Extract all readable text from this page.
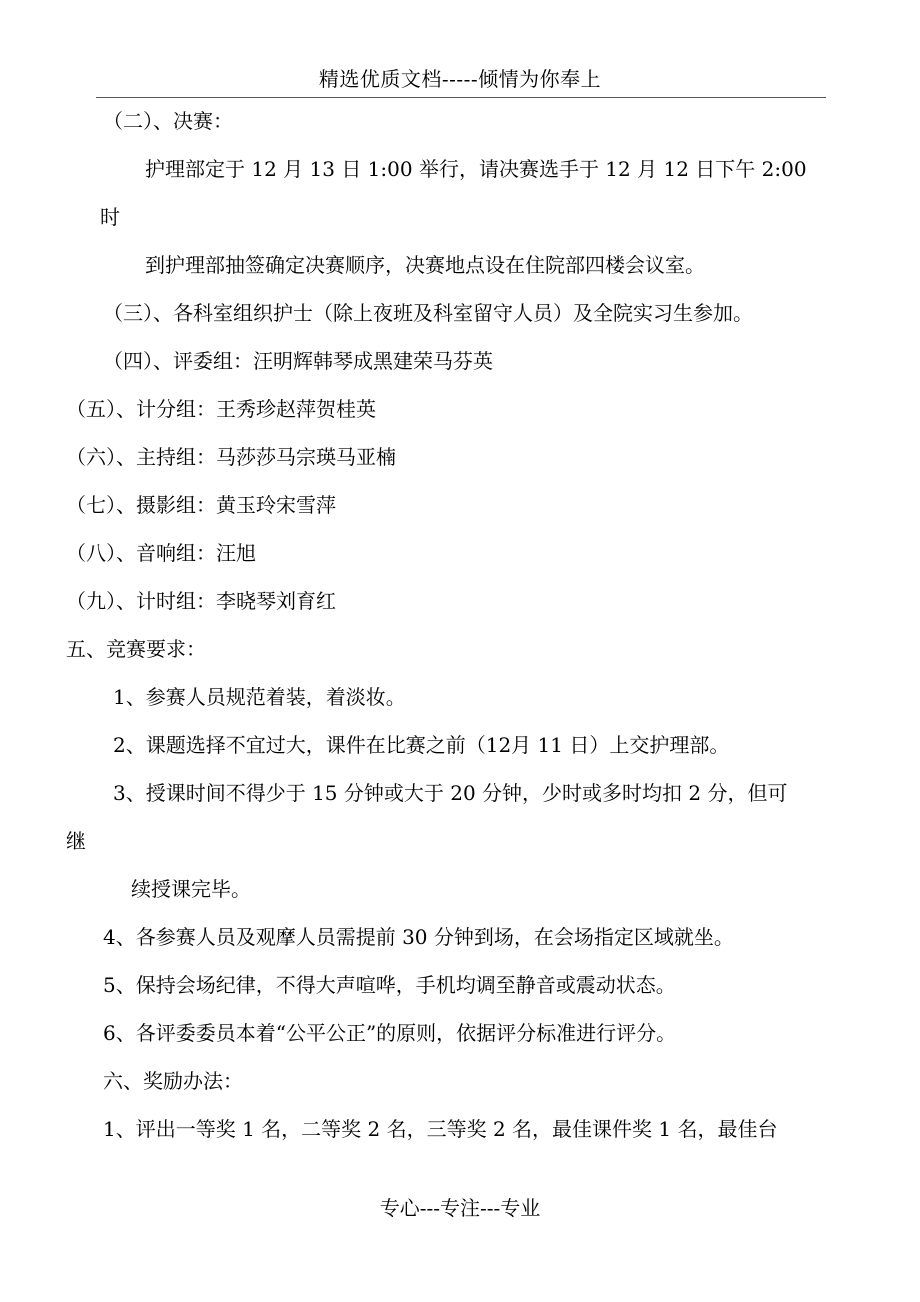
精选优质文档-----倾情为你奉上
（二）、决赛：
护理部定于 12 月 13 日 1:00 举行，请决赛选手于 12 月 12 日下午 2:00
时
到护理部抽签确定决赛顺序，决赛地点设在住院部四楼会议室。
（三）、各科室组织护士（除上夜班及科室留守人员）及全院实习生参加。
（四）、评委组：汪明辉韩琴成黑建荣马芬英
（五）、计分组：王秀珍赵萍贺桂英
（六）、主持组：马莎莎马宗瑛马亚楠
（七）、摄影组：黄玉玲宋雪萍
（八）、音响组：汪旭
（九）、计时组：李晓琴刘育红
五、竞赛要求：
1、参赛人员规范着装，着淡妆。
2、课题选择不宜过大，课件在比赛之前（12月 11 日）上交护理部。
3、授课时间不得少于 15 分钟或大于 20 分钟，少时或多时均扣 2 分，但可
继
续授课完毕。
4、各参赛人员及观摩人员需提前 30 分钟到场，在会场指定区域就坐。
5、保持会场纪律，不得大声喧哗，手机均调至静音或震动状态。
6、各评委委员本着“公平公正”的原则，依据评分标准进行评分。
六、奖励办法：
1、评出一等奖 1 名，二等奖 2 名，三等奖 2 名，最佳课件奖 1 名，最佳台
专心---专注---专业
